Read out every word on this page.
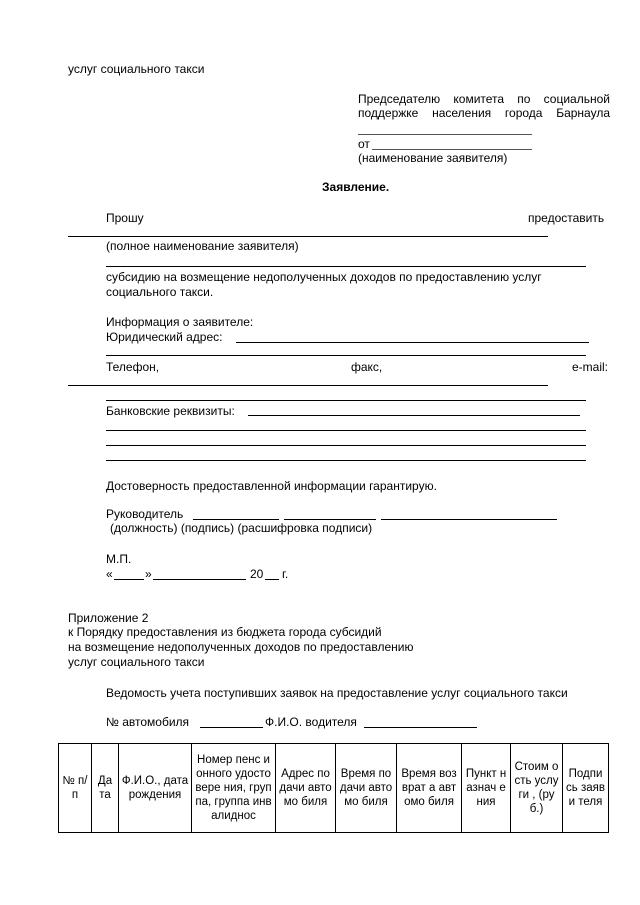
услуг социального такси
Председателю комитета по социальной
поддержке населения города Барнаула
от
(наименование заявителя)
Заявление.
Прошу	предоставить
(полное наименование заявителя)
субсидию на возмещение недополученных доходов по предоставлению услуг
социального такси.
Информация о заявителе:
Юридический адрес:
Телефон,	факс,	e-mail:
Банковские реквизиты:
Достоверность предоставленной информации гарантирую.
Руководитель
(должность) (подпись) (расшифровка подписи)
М.П.
«	»	20 г.
Приложение 2
к Порядку предоставления из бюджета города субсидий
на возмещение недополученных доходов по предоставлению
услуг социального такси
Ведомость учета поступивших заявок на предоставление услуг социального такси
№ автомобиля	Ф.И.О. водителя
№ п/п	Да та	Ф.И.О., дата рождения	Номер пенс ионного удостовере ния, группа, группа инвалиднос	Адрес подачи автомо биля	Время подачи автомо биля	Время возврат а автомо биля	Пункт назнач ения	Стоим ость услуги , (руб.)	Подпи сь заяви теля
